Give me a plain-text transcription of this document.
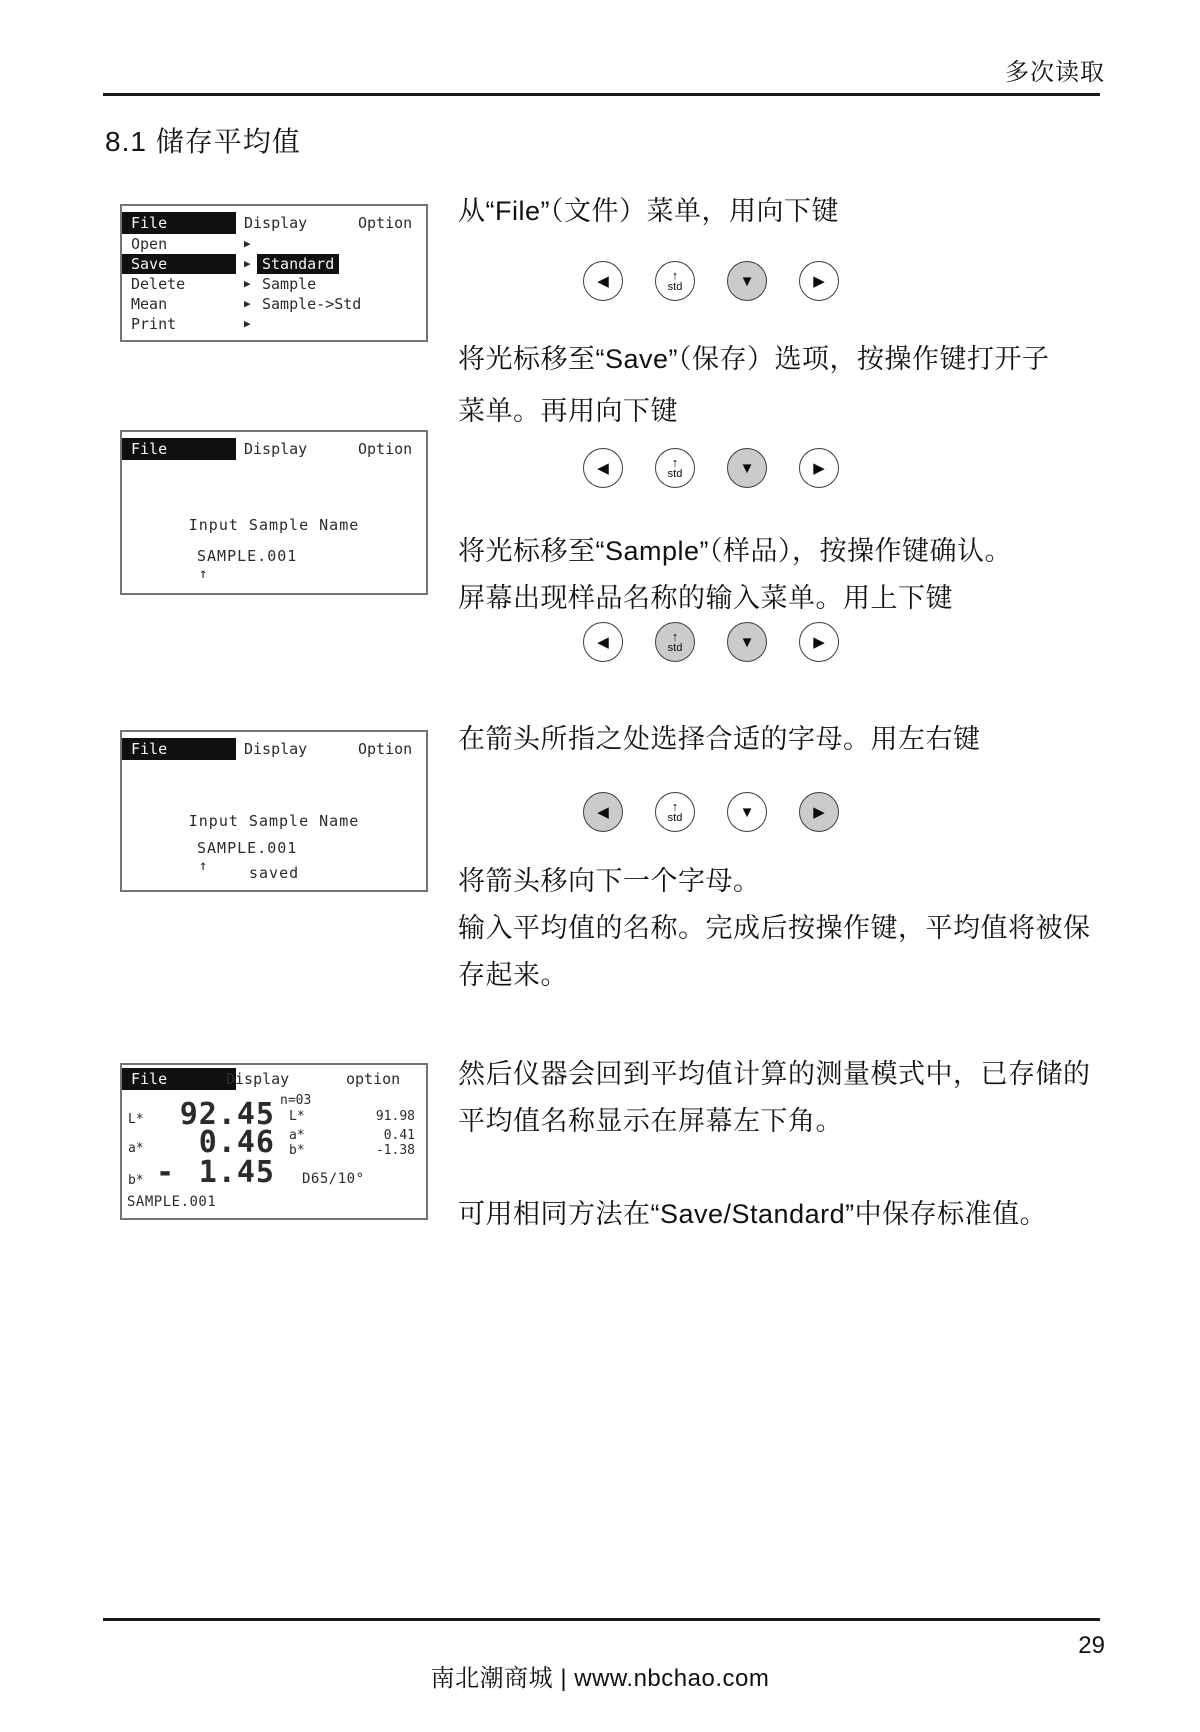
多次读取
8.1 储存平均值
File	Display	Option
Open	▶
Save	▶ Standard
Delete	▶ Sample
Mean	▶ Sample->Std
Print	▶
File	Display	Option
Input Sample Name
SAMPLE.001
↑
File	Display	Option
Input Sample Name
SAMPLE.001
↑	saved
File	Display	option
n=03
L*	92.45
a*	0.46
b* - 1.45
L*	91.98
a*	0.41
b*	-1.38
D65/10°
SAMPLE.001
从“File”（文件）菜单，用向下键
将光标移至“Save”（保存）选项，按操作键打开子
菜单。再用向下键
将光标移至“Sample”（样品），按操作键确认。
屏幕出现样品名称的输入菜单。用上下键
在箭头所指之处选择合适的字母。用左右键
将箭头移向下一个字母。
输入平均值的名称。完成后按操作键，平均值将被保
存起来。
然后仪器会回到平均值计算的测量模式中，已存储的
平均值名称显示在屏幕左下角。
可用相同方法在“Save/Standard”中保存标准值。
◀	↑
std	▼	▶
◀	↑
std	▼	▶
◀	↑
std	▼	▶
◀	↑
std	▼	▶
29
南北潮商城 | www.nbchao.com
